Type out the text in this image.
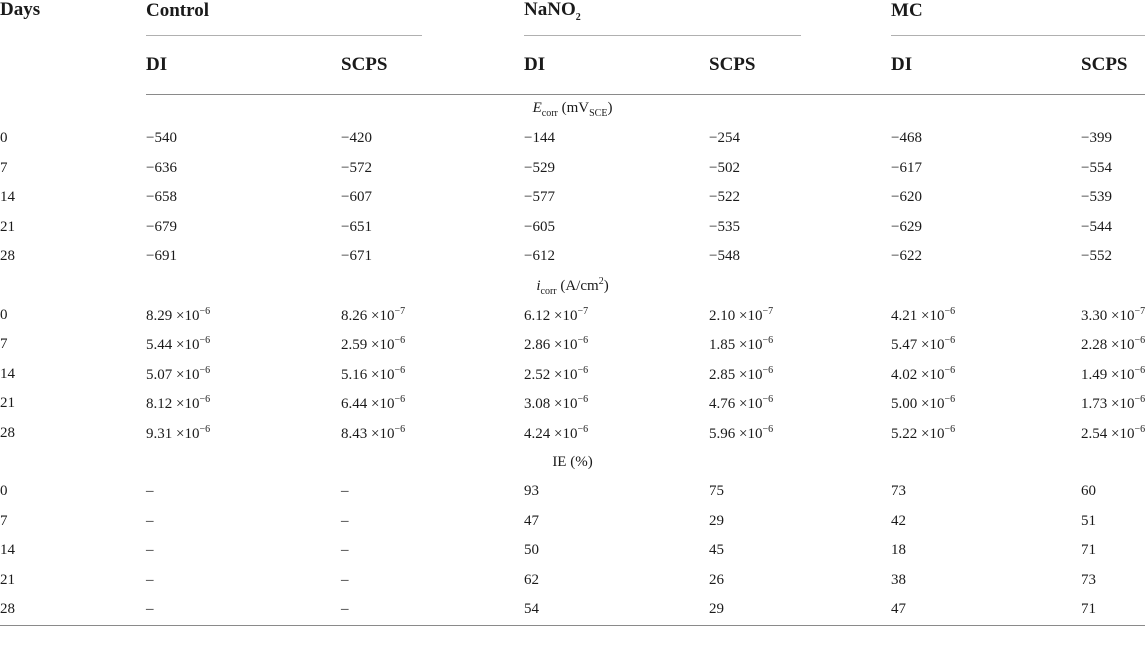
Days	Control		NaNO$_2$		MC		

	DI	SCPS	DI	SCPS	DI	SCPS	
$E_{corr}$ $(mV_{SCE})$							
0	−540	−420	−144	−254	−468	−399	
7	−636	−572	−529	−502	−617	−554	
14	−658	−607	−577	−522	−620	−539	
21	−679	−651	−605	−535	−629	−544	
28	−691	−671	−612	−548	−622	−552	
$i_{corr}$ $(A/cm^2)$							
0	$8.29 \times 10^{-6}$	$8.26 \times 10^{-7}$	$6.12 \times 10^{-7}$	$2.10 \times 10^{-7}$	$4.21 \times 10^{-6}$	$3.30 \times 10^{-7}$	
7	$5.44 \times 10^{-6}$	$2.59 \times 10^{-6}$	$2.86 \times 10^{-6}$	$1.85 \times 10^{-6}$	$5.47 \times 10^{-6}$	$2.28 \times 10^{-6}$	
14	$5.07 \times 10^{-6}$	$5.16 \times 10^{-6}$	$2.52 \times 10^{-6}$	$2.85 \times 10^{-6}$	$4.02 \times 10^{-6}$	$1.49 \times 10^{-6}$	
21	$8.12 \times 10^{-6}$	$6.44 \times 10^{-6}$	$3.08 \times 10^{-6}$	$4.76 \times 10^{-6}$	$5.00 \times 10^{-6}$	$1.73 \times 10^{-6}$	
28	$9.31 \times 10^{-6}$	$8.43 \times 10^{-6}$	$4.24 \times 10^{-6}$	$5.96 \times 10^{-6}$	$5.22 \times 10^{-6}$	$2.54 \times 10^{-6}$	
IE (%)							
0	–	–	93	75	73	60	
7	–	–	47	29	42	51	
14	–	–	50	45	18	71	
21	–	–	62	26	38	73	
28	–	–	54	29	47	71	
